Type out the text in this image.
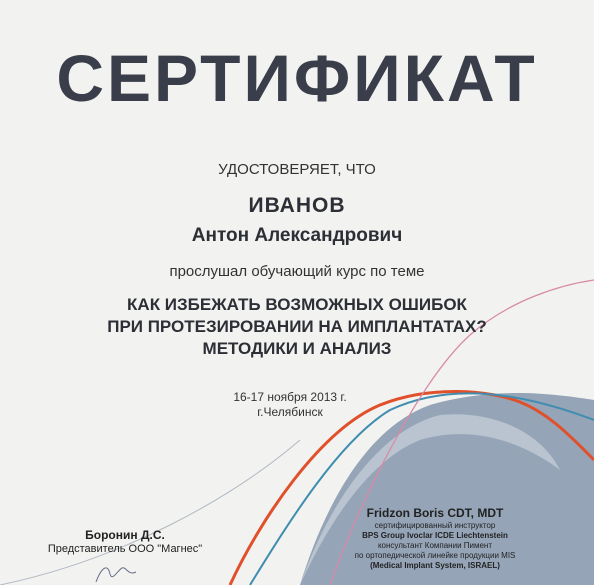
СЕРТИФИКАТ
УДОСТОВЕРЯЕТ, ЧТО
ИВАНОВ
Антон Александрович
прослушал обучающий курс по теме
КАК ИЗБЕЖАТЬ ВОЗМОЖНЫХ ОШИБОК
ПРИ ПРОТЕЗИРОВАНИИ НА ИМПЛАНТАТАХ?
МЕТОДИКИ И АНАЛИЗ
16-17 ноября 2013 г.
г.Челябинск
Боронин Д.С.
Представитель ООО "Магнес"
Fridzon Boris CDT, MDT
сертифицированный инструктор
BPS Group Ivoclar ICDE Liechtenstein
консультант Компании Пимент
по ортопедической линейке продукции MIS
(Medical Implant System, ISRAEL)
